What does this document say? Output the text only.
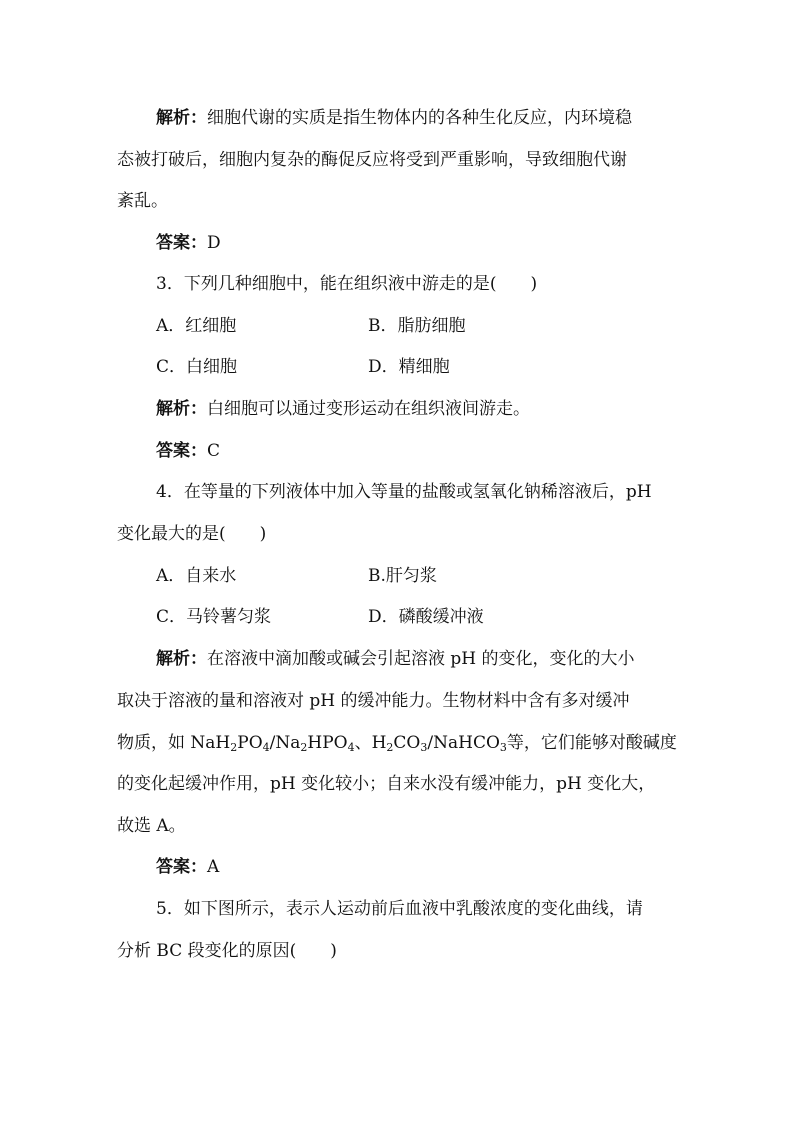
解析：细胞代谢的实质是指生物体内的各种生化反应，内环境稳
态被打破后，细胞内复杂的酶促反应将受到严重影响，导致细胞代谢
紊乱。
答案：D
3．下列几种细胞中，能在组织液中游走的是(　　)
A．红细胞	B．脂肪细胞
C．白细胞	D．精细胞
解析：白细胞可以通过变形运动在组织液间游走。
答案：C
4．在等量的下列液体中加入等量的盐酸或氢氧化钠稀溶液后，pH
变化最大的是(　　)
A．自来水	B.肝匀浆
C．马铃薯匀浆	D．磷酸缓冲液
解析：在溶液中滴加酸或碱会引起溶液 pH 的变化，变化的大小
取决于溶液的量和溶液对 pH 的缓冲能力。生物材料中含有多对缓冲
物质，如 $NaH_2PO_4/Na_2HPO_4$、$H_2CO_3/NaHCO_3$等，它们能够对酸碱度
的变化起缓冲作用，pH 变化较小；自来水没有缓冲能力，pH 变化大，
故选 A。
答案：A
5．如下图所示，表示人运动前后血液中乳酸浓度的变化曲线，请
分析 BC 段变化的原因(　　)
